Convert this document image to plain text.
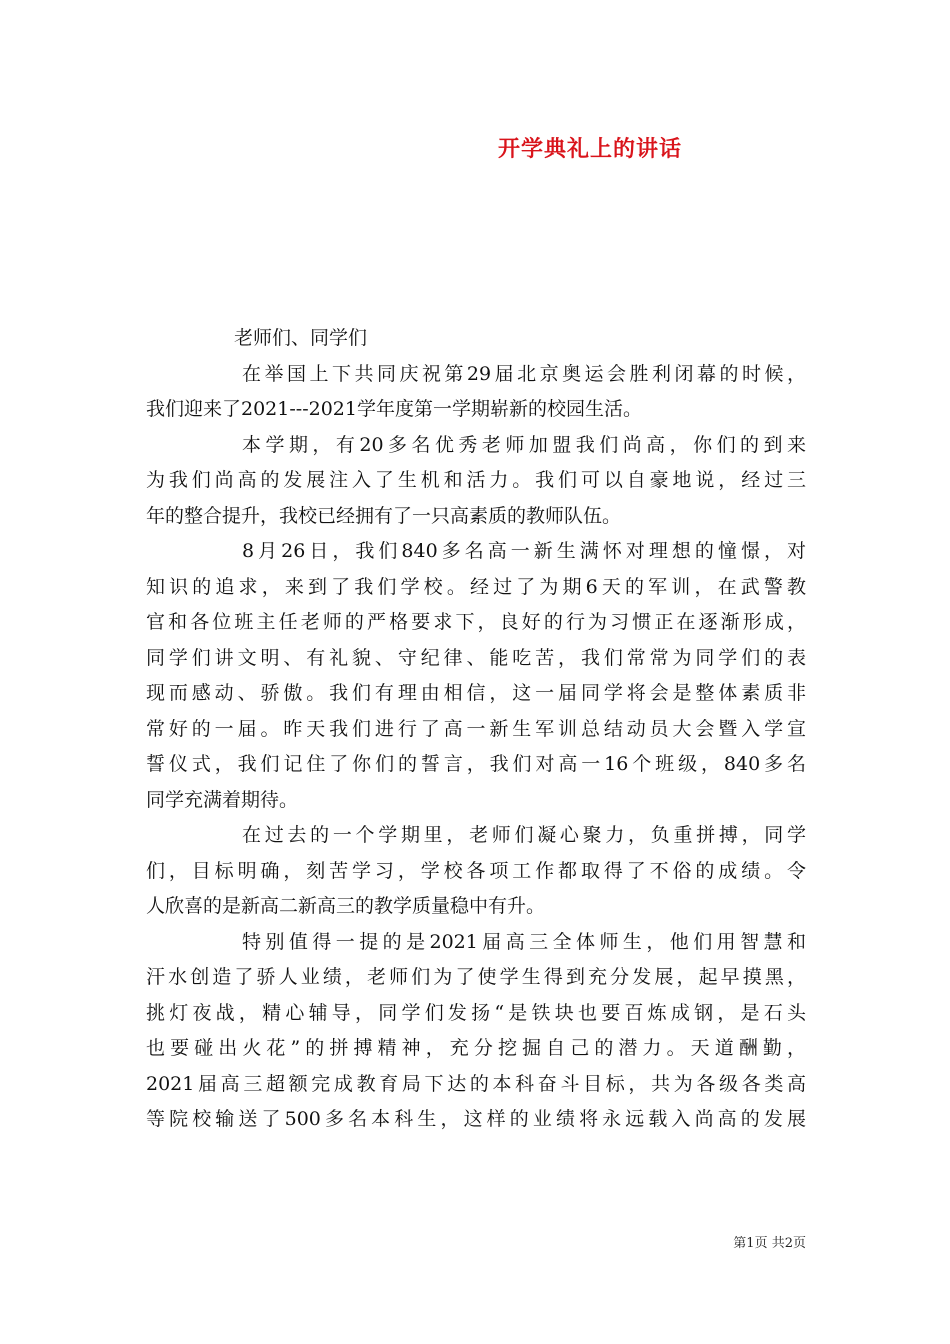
开学典礼上的讲话
老师们、同学们
在举国上下共同庆祝第29届北京奥运会胜利闭幕的时候，
我们迎来了2021---2021学年度第一学期崭新的校园生活。
本学期，有20多名优秀老师加盟我们尚高，你们的到来
为我们尚高的发展注入了生机和活力。我们可以自豪地说，经过三
年的整合提升，我校已经拥有了一只高素质的教师队伍。
8月26日，我们840多名高一新生满怀对理想的憧憬，对
知识的追求，来到了我们学校。经过了为期6天的军训，在武警教
官和各位班主任老师的严格要求下，良好的行为习惯正在逐渐形成，
同学们讲文明、有礼貌、守纪律、能吃苦，我们常常为同学们的表
现而感动、骄傲。我们有理由相信，这一届同学将会是整体素质非
常好的一届。昨天我们进行了高一新生军训总结动员大会暨入学宣
誓仪式，我们记住了你们的誓言，我们对高一16个班级，840多名
同学充满着期待。
在过去的一个学期里，老师们凝心聚力，负重拼搏，同学
们，目标明确，刻苦学习，学校各项工作都取得了不俗的成绩。令
人欣喜的是新高二新高三的教学质量稳中有升。
特别值得一提的是2021届高三全体师生，他们用智慧和
汗水创造了骄人业绩，老师们为了使学生得到充分发展，起早摸黑，
挑灯夜战，精心辅导，同学们发扬“是铁块也要百炼成钢，是石头
也要碰出火花”的拼搏精神，充分挖掘自己的潜力。天道酬勤，
2021届高三超额完成教育局下达的本科奋斗目标，共为各级各类高
等院校输送了500多名本科生，这样的业绩将永远载入尚高的发展
第1页 共2页
